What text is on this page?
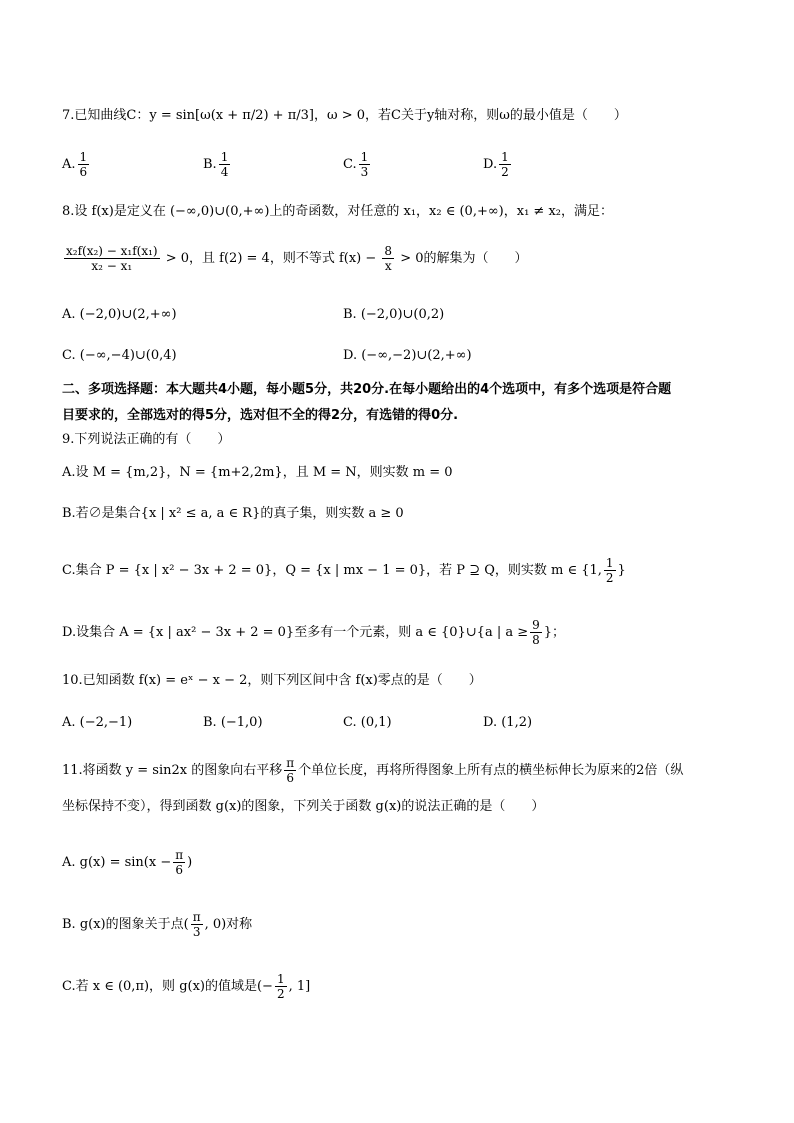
7.已知曲线C：y = sin[ω(x + π/2) + π/3]，ω > 0，若C关于y轴对称，则ω的最小值是（　　）
A. $\frac{1}{6}$	B. $\frac{1}{4}$	C. $\frac{1}{3}$	D. $\frac{1}{2}$
8.设 f(x)是定义在 (−∞,0)∪(0,+∞)上的奇函数，对任意的 x₁，x₂ ∈ (0,+∞)，x₁ ≠ x₂，满足：
$\frac{\text{x₂f(x₂) − x₁f(x₁)}}{\text{x₂ − x₁}} > 0$，且 f(2) = 4，则不等式 $f(x) - \frac{8}{x} > 0$的解集为（　　）
A. (−2,0)∪(2,+∞)	B. (−2,0)∪(0,2)
C. (−∞,−4)∪(0,4)	D. (−∞,−2)∪(2,+∞)
二、多项选择题：本大题共4小题，每小题5分，共20分.在每小题给出的4个选项中，有多个选项是符合题
目要求的，全部选对的得5分，选对但不全的得2分，有选错的得0分.
9.下列说法正确的有（　　）
A.设 M = {m,2}，N = {m+2,2m}，且 M = N，则实数 m = 0
B.若∅是集合{x | x² ≤ a, a ∈ R}的真子集，则实数 a ≥ 0
C.集合 P = {x | x² − 3x + 2 = 0}，Q = {x | mx − 1 = 0}，若 P ⊇ Q，则实数 m ∈ {1, $\frac{1}{2}$ }
D.设集合 A = {x | ax² − 3x + 2 = 0}至多有一个元素，则 a ∈ {0}∪{a | $a \ge \frac{9}{8}$ }；
10.已知函数 f(x) = eˣ − x − 2，则下列区间中含 f(x)零点的是（　　）
A. (−2,−1)	B. (−1,0)	C. (0,1)	D. (1,2)
11.将函数 y = sin2x 的图象向右平移 $\frac{\pi}{6}$ 个单位长度，再将所得图象上所有点的横坐标伸长为原来的2倍（纵
坐标保持不变），得到函数 g(x)的图象，下列关于函数 g(x)的说法正确的是（　　）
A. $g(x) = \sin(x - \frac{\pi}{6}$ )
B. g(x)的图象关于点( $\frac{\pi}{3}$ , 0)对称
C.若 x ∈ (0,π)，则 g(x)的值域是(− $\frac{1}{2}$ , 1]
